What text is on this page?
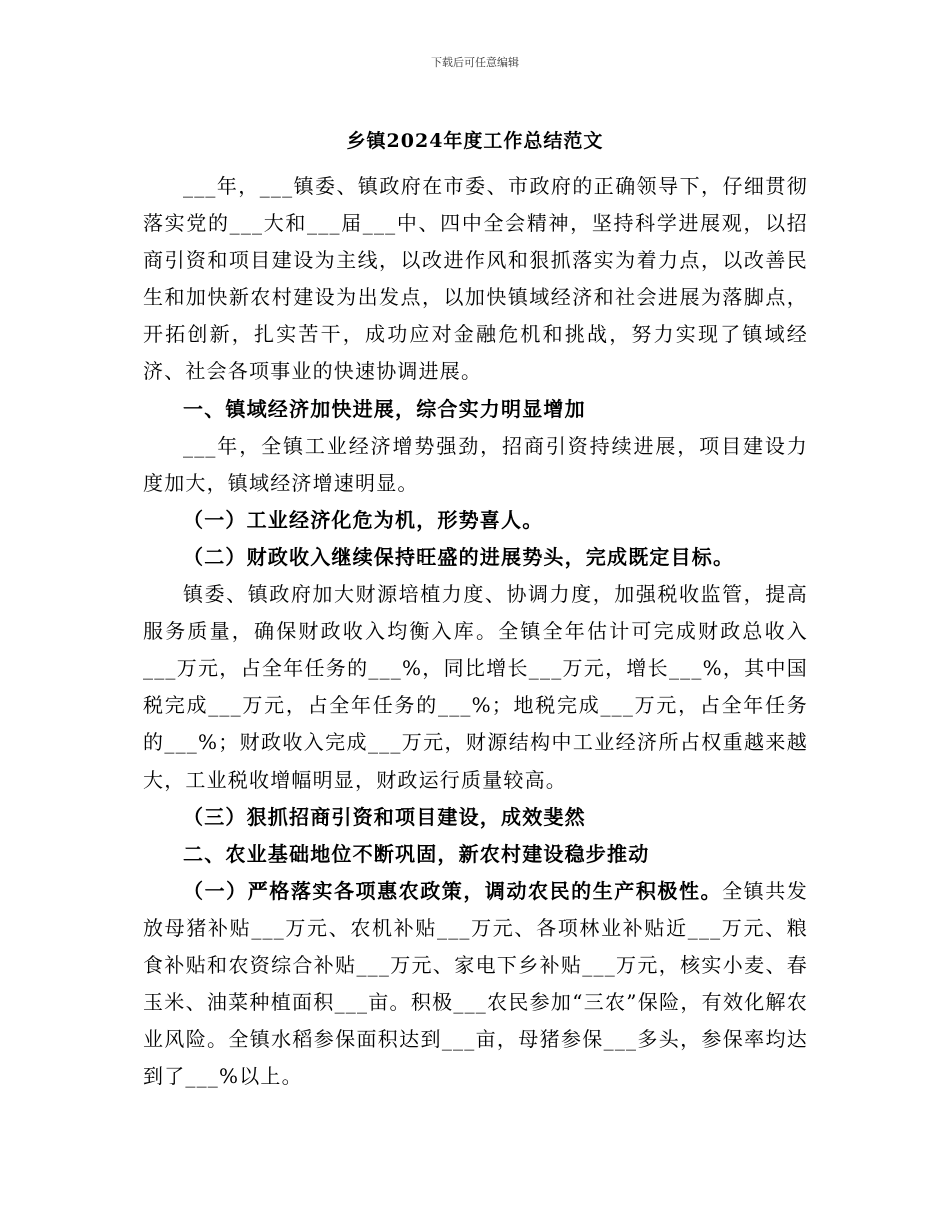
下载后可任意编辑
乡镇2024年度工作总结范文

___年，___镇委、镇政府在市委、市政府的正确领导下，仔细贯彻落实党的___大和___届___中、四中全会精神，坚持科学进展观，以招商引资和项目建设为主线，以改进作风和狠抓落实为着力点，以改善民生和加快新农村建设为出发点，以加快镇域经济和社会进展为落脚点，开拓创新，扎实苦干，成功应对金融危机和挑战，努力实现了镇域经济、社会各项事业的快速协调进展。

一、镇域经济加快进展，综合实力明显增加

___年，全镇工业经济增势强劲，招商引资持续进展，项目建设力度加大，镇域经济增速明显。

（一）工业经济化危为机，形势喜人。

（二）财政收入继续保持旺盛的进展势头，完成既定目标。

镇委、镇政府加大财源培植力度、协调力度，加强税收监管，提高服务质量，确保财政收入均衡入库。全镇全年估计可完成财政总收入___万元，占全年任务的___%，同比增长___万元，增长___%，其中国税完成___万元，占全年任务的___%；地税完成___万元，占全年任务的___%；财政收入完成___万元，财源结构中工业经济所占权重越来越大，工业税收增幅明显，财政运行质量较高。

（三）狠抓招商引资和项目建设，成效斐然

二、农业基础地位不断巩固，新农村建设稳步推动

（一）严格落实各项惠农政策，调动农民的生产积极性。全镇共发放母猪补贴___万元、农机补贴___万元、各项林业补贴近___万元、粮食补贴和农资综合补贴___万元、家电下乡补贴___万元，核实小麦、春玉米、油菜种植面积___亩。积极___农民参加“三农”保险，有效化解农业风险。全镇水稻参保面积达到___亩，母猪参保___多头，参保率均达到了___%以上。
